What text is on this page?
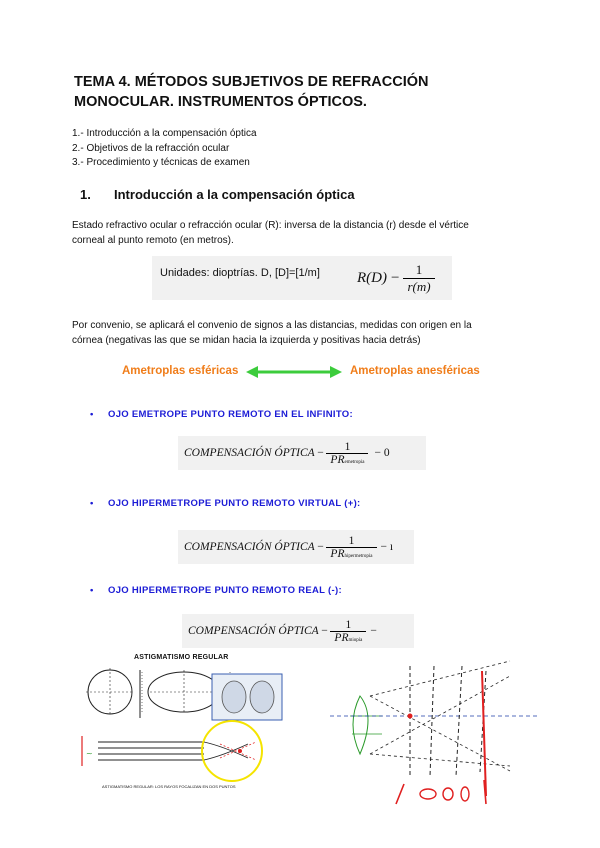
TEMA 4. MÉTODOS SUBJETIVOS DE REFRACCIÓN
MONOCULAR. INSTRUMENTOS ÓPTICOS.
1.- Introducción a la compensación óptica
2.- Objetivos de la refracción ocular
3.- Procedimiento y técnicas de examen
1. Introducción a la compensación óptica
Estado refractivo ocular o refracción ocular (R): inversa de la distancia (r) desde el vértice
corneal al punto remoto (en metros).
Unidades: dioptrías. D, [D]=[1/m] $R(D) - \frac{1}{r(m)}$
Por convenio, se aplicará el convenio de signos a las distancias, medidas con origen en la
córnea (negativas las que se midan hacia la izquierda y positivas hacia detrás)
Ametroplas esféricas	Ametroplas anesféricas
• OJO EMETROPE PUNTO REMOTO EN EL INFINITO:
COMPENSACIÓN ÓPTICA − $\frac{1}{\text{PRemetropia}} - 0$
• OJO HIPERMETROPE PUNTO REMOTO VIRTUAL (+):
COMPENSACIÓN ÓPTICA − $\frac{1}{\text{PRhipermetropia}}$ − ı
• OJO HIPERMETROPE PUNTO REMOTO REAL (-):
COMPENSACIÓN ÓPTICA − $\frac{1}{\text{PRmiopía}}$ −
ASTIGMATISMO REGULAR
~
ASTIGMATISMO REGULAR: LOS RAYOS FOCALIZAN EN DOS PUNTOS
